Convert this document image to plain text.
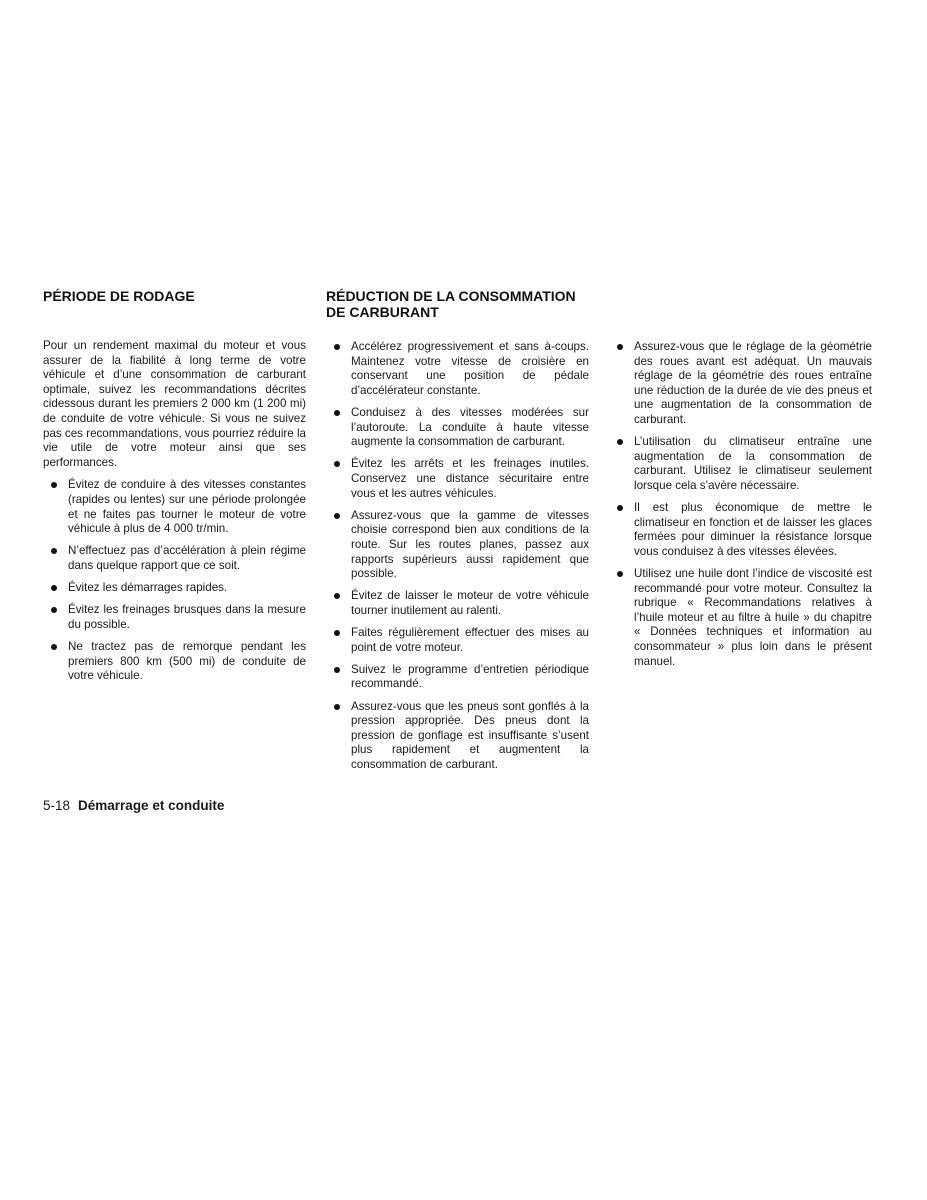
PÉRIODE DE RODAGE

Pour un rendement maximal du moteur et vous assurer de la fiabilité à long terme de votre véhicule et d’une consommation de carburant optimale, suivez les recommandations décrites cidessous durant les premiers 2 000 km (1 200 mi) de conduite de votre véhicule. Si vous ne suivez pas ces recommandations, vous pourriez réduire la vie utile de votre moteur ainsi que ses performances.

Évitez de conduire à des vitesses constantes (rapides ou lentes) sur une période prolongée et ne faites pas tourner le moteur de votre véhicule à plus de 4 000 tr/min.
N’effectuez pas d’accélération à plein régime dans quelque rapport que ce soit.
Évitez les démarrages rapides.
Évitez les freinages brusques dans la mesure du possible.
Ne tractez pas de remorque pendant les premiers 800 km (500 mi) de conduite de votre véhicule.
RÉDUCTION DE LA CONSOMMATION
DE CARBURANT
Accélérez progressivement et sans à-coups. Maintenez votre vitesse de croisière en conservant une position de pédale d’accélérateur constante.
Conduisez à des vitesses modérées sur l’autoroute. La conduite à haute vitesse augmente la consommation de carburant.
Évitez les arrêts et les freinages inutiles. Conservez une distance sécuritaire entre vous et les autres véhicules.
Assurez-vous que la gamme de vitesses choisie correspond bien aux conditions de la route. Sur les routes planes, passez aux rapports supérieurs aussi rapidement que possible.
Évitez de laisser le moteur de votre véhicule tourner inutilement au ralenti.
Faites régulièrement effectuer des mises au point de votre moteur.
Suivez le programme d’entretien périodique recommandé.
Assurez-vous que les pneus sont gonflés à la pression appropriée. Des pneus dont la pression de gonflage est insuffisante s’usent plus rapidement et augmentent la consommation de carburant.
Assurez-vous que le réglage de la géométrie des roues avant est adéquat. Un mauvais réglage de la géométrie des roues entraîne une réduction de la durée de vie des pneus et une augmentation de la consommation de carburant.
L’utilisation du climatiseur entraîne une augmentation de la consommation de carburant. Utilisez le climatiseur seulement lorsque cela s’avère nécessaire.
Il est plus économique de mettre le climatiseur en fonction et de laisser les glaces fermées pour diminuer la résistance lorsque vous conduisez à des vitesses élevées.
Utilisez une huile dont l’indice de viscosité est recommandé pour votre moteur. Consultez la rubrique « Recommandations relatives à l’huile moteur et au filtre à huile » du chapitre « Données techniques et information au consommateur » plus loin dans le présent manuel.
5-18 Démarrage et conduite
